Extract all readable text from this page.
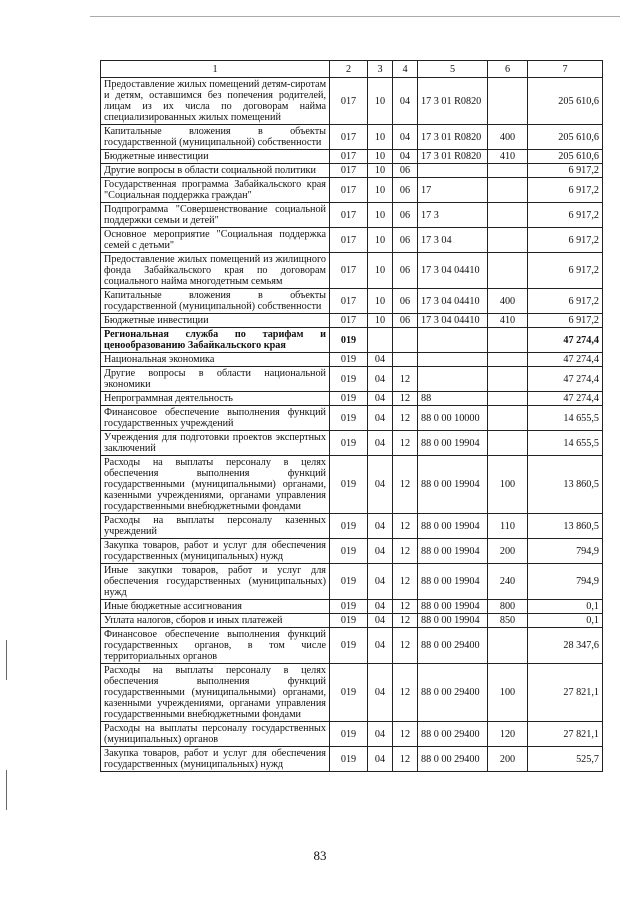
1	2	3	4	5	6	7
Предоставление жилых помещений детям-сиротам и детям, оставшимся без попечения родителей, лицам из их числа по договорам найма специализированных жилых помещений	017	10	04	17 3 01 R0820		205 610,6
Капитальные вложения в объекты государственной (муниципальной) собственности	017	10	04	17 3 01 R0820	400	205 610,6
Бюджетные инвестиции	017	10	04	17 3 01 R0820	410	205 610,6
Другие вопросы в области социальной политики	017	10	06			6 917,2
Государственная программа Забайкальского края "Социальная поддержка граждан"	017	10	06	17		6 917,2
Подпрограмма "Совершенствование социальной поддержки семьи и детей"	017	10	06	17 3		6 917,2
Основное мероприятие "Социальная поддержка семей с детьми"	017	10	06	17 3 04		6 917,2
Предоставление жилых помещений из жилищного фонда Забайкальского края по договорам социального найма многодетным семьям	017	10	06	17 3 04 04410		6 917,2
Капитальные вложения в объекты государственной (муниципальной) собственности	017	10	06	17 3 04 04410	400	6 917,2
Бюджетные инвестиции	017	10	06	17 3 04 04410	410	6 917,2
Региональная служба по тарифам и ценообразованию Забайкальского края	019					47 274,4
Национальная экономика	019	04				47 274,4
Другие вопросы в области национальной экономики	019	04	12			47 274,4
Непрограммная деятельность	019	04	12	88		47 274,4
Финансовое обеспечение выполнения функций государственных учреждений	019	04	12	88 0 00 10000		14 655,5
Учреждения для подготовки проектов экспертных заключений	019	04	12	88 0 00 19904		14 655,5
Расходы на выплаты персоналу в целях обеспечения выполнения функций государственными (муниципальными) органами, казенными учреждениями, органами управления государственными внебюджетными фондами	019	04	12	88 0 00 19904	100	13 860,5
Расходы на выплаты персоналу казенных учреждений	019	04	12	88 0 00 19904	110	13 860,5
Закупка товаров, работ и услуг для обеспечения государственных (муниципальных) нужд	019	04	12	88 0 00 19904	200	794,9
Иные закупки товаров, работ и услуг для обеспечения государственных (муниципальных) нужд	019	04	12	88 0 00 19904	240	794,9
Иные бюджетные ассигнования	019	04	12	88 0 00 19904	800	0,1
Уплата налогов, сборов и иных платежей	019	04	12	88 0 00 19904	850	0,1
Финансовое обеспечение выполнения функций государственных органов, в том числе территориальных органов	019	04	12	88 0 00 29400		28 347,6
Расходы на выплаты персоналу в целях обеспечения выполнения функций государственными (муниципальными) органами, казенными учреждениями, органами управления государственными внебюджетными фондами	019	04	12	88 0 00 29400	100	27 821,1
Расходы на выплаты персоналу государственных (муниципальных) органов	019	04	12	88 0 00 29400	120	27 821,1
Закупка товаров, работ и услуг для обеспечения государственных (муниципальных) нужд	019	04	12	88 0 00 29400	200	525,7
83
